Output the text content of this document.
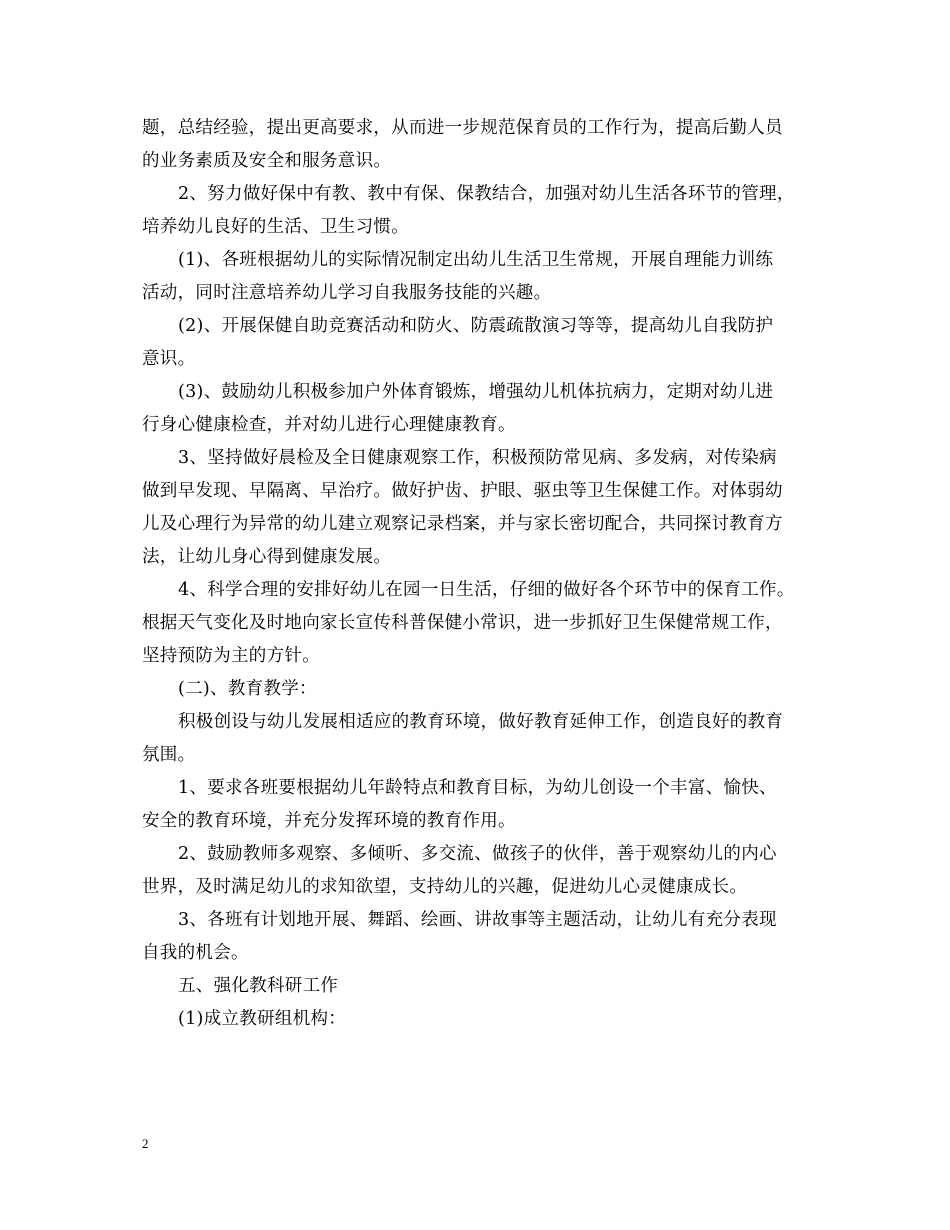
题，总结经验，提出更高要求，从而进一步规范保育员的工作行为，提高后勤人员
的业务素质及安全和服务意识。

2、努力做好保中有教、教中有保、保教结合，加强对幼儿生活各环节的管理，
培养幼儿良好的生活、卫生习惯。

(1)、各班根据幼儿的实际情况制定出幼儿生活卫生常规，开展自理能力训练
活动，同时注意培养幼儿学习自我服务技能的兴趣。

(2)、开展保健自助竞赛活动和防火、防震疏散演习等等，提高幼儿自我防护
意识。

(3)、鼓励幼儿积极参加户外体育锻炼，增强幼儿机体抗病力，定期对幼儿进
行身心健康检查，并对幼儿进行心理健康教育。

3、坚持做好晨检及全日健康观察工作，积极预防常见病、多发病，对传染病
做到早发现、早隔离、早治疗。做好护齿、护眼、驱虫等卫生保健工作。对体弱幼
儿及心理行为异常的幼儿建立观察记录档案，并与家长密切配合，共同探讨教育方
法，让幼儿身心得到健康发展。

4、科学合理的安排好幼儿在园一日生活，仔细的做好各个环节中的保育工作。
根据天气变化及时地向家长宣传科普保健小常识，进一步抓好卫生保健常规工作，
坚持预防为主的方针。

(二)、教育教学：

积极创设与幼儿发展相适应的教育环境，做好教育延伸工作，创造良好的教育
氛围。

1、要求各班要根据幼儿年龄特点和教育目标，为幼儿创设一个丰富、愉快、
安全的教育环境，并充分发挥环境的教育作用。

2、鼓励教师多观察、多倾听、多交流、做孩子的伙伴，善于观察幼儿的内心
世界，及时满足幼儿的求知欲望，支持幼儿的兴趣，促进幼儿心灵健康成长。

3、各班有计划地开展、舞蹈、绘画、讲故事等主题活动，让幼儿有充分表现
自我的机会。

五、强化教科研工作

(1)成立教研组机构：

2
